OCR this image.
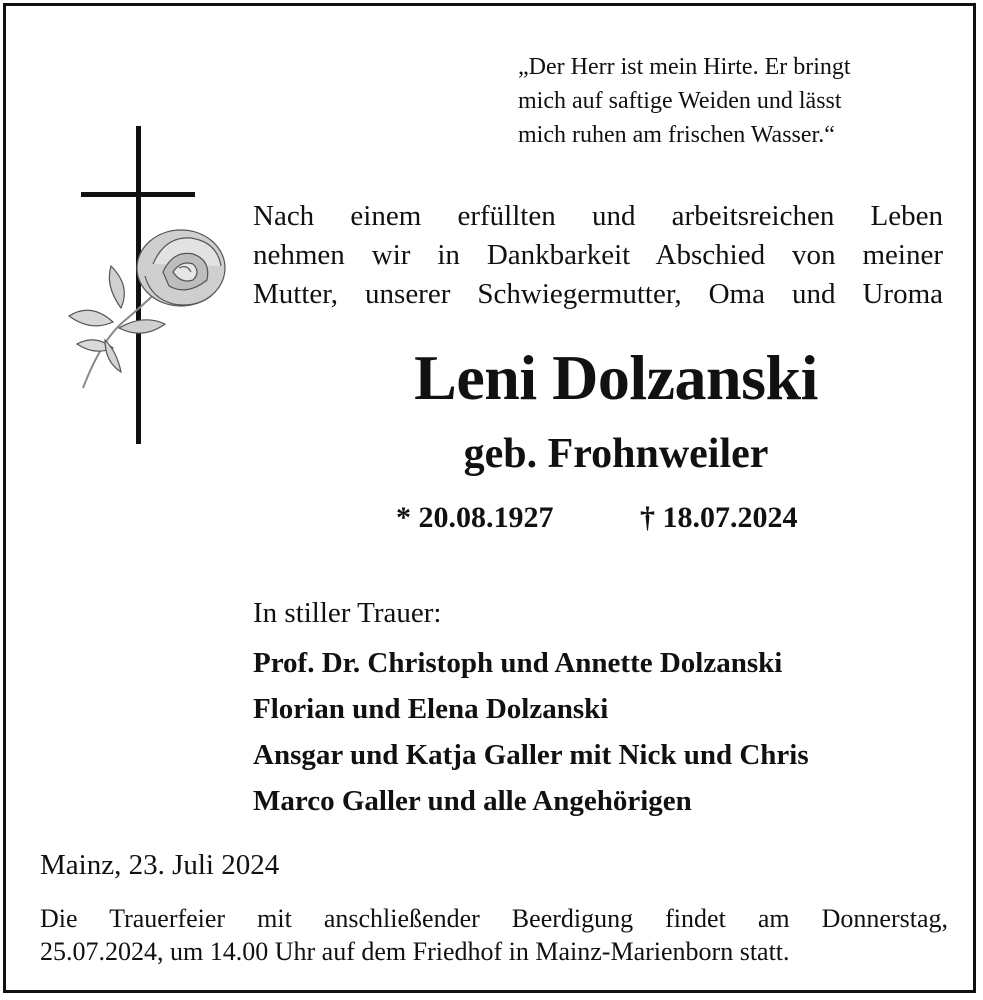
„Der Herr ist mein Hirte. Er bringt
mich auf saftige Weiden und lässt
mich ruhen am frischen Wasser.“
Nach einem erfüllten und arbeitsreichen Leben
nehmen wir in Dankbarkeit Abschied von meiner
Mutter, unserer Schwiegermutter, Oma und Uroma
Leni Dolzanski
geb. Frohnweiler
* 20.08.1927	† 18.07.2024
In stiller Trauer:
Prof. Dr. Christoph und Annette Dolzanski
Florian und Elena Dolzanski
Ansgar und Katja Galler mit Nick und Chris
Marco Galler und alle Angehörigen
Mainz, 23. Juli 2024
Die Trauerfeier mit anschließender Beerdigung findet am Donnerstag,
25.07.2024, um 14.00 Uhr auf dem Friedhof in Mainz-Marienborn statt.
